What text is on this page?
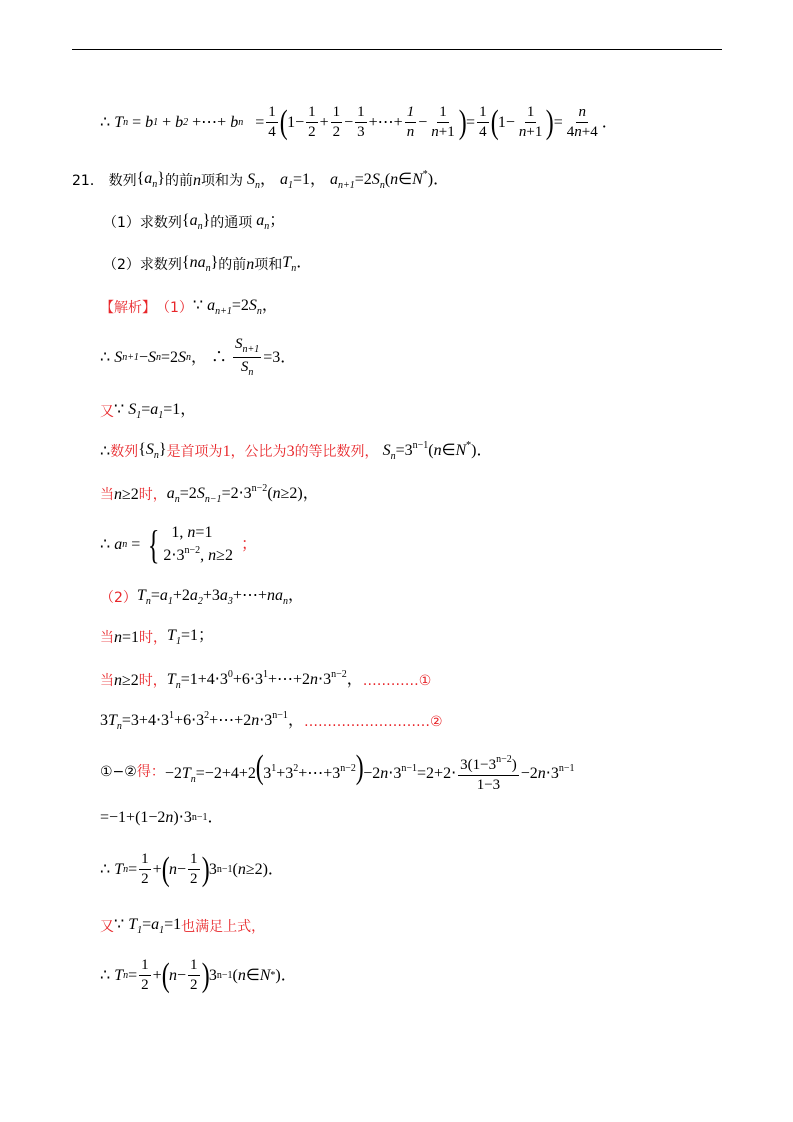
∴
T n = b 1 + b 2 +⋯+ b $n = \frac{1}{4}$ ( $1- \frac{1}{2} + \frac{1}{2} - \frac{1}{3}$ +⋯+ $\frac{1}{n} - \frac{1}{n+1}$ ) = $\frac{1}{4}$ ( $1- \frac{1}{n+1}$ ) = $\frac{n}{4n+4}$ ．
21．
数列 $\{a_n\}$ 的前 n 项和为 $S_n$， $a_1=1$， $a_{n+1}=2S_n(n\in N^*)$．
（1） 求数列 $\{a_n\}$ 的通项 $a_n$；
（2） 求数列 $\{na_n\}$ 的前 n 项和 $T_n$．
【解析】 （1） ∵ $a_{n+1}=2S_n$，
∴ S n+1 − S n =2 S n ， ∴ $\frac{S_{n+1}}{S_n} =3$．
又 ∵ $S_1=a_1=1$，
∴ 数列 $\{S_n\}$ 是首项为 1 ，公比为 3 的等比数列， $S_n=3^{n-1}(n\in N^*)$．
当 n≥2 时， $a_n=2S_{n-1}=2\cdot 3^{n-2}(n\ge 2)$，
∴ a n = { 1, n=1
$2\cdot 3^{n-2}$, n≥2

；
（2） $T_n=a_1+2a_2+3a_3+\cdots+na_n$，
当 n=1 时， $T_1=1$；
当 n≥2 时， $T_n=1+4\cdot 3^0+6\cdot 3^1+\cdots+2n\cdot 3^{n-2}$， …………①
$3T_n=3+4\cdot 3^1+6\cdot 3^2+\cdots+2n\cdot 3^{n-1}$， ………………………②
①−② 得： $-2T_n=-2+4+2(3^1+3^2+\cdots+3^{n-2})-2n\cdot 3^{n-1}=2+2\cdot \frac{3(1-3^{n-2})}{1-3} -2n\cdot 3^{n-1}$
=−1+(1−2 n )⋅3 n−1 ．
∴ T $n = \frac{1}{2}$ + ( $n - \frac{1}{2}$ ) 3 n−1 ( n ≥2)．
又 ∵ $T_1=a_1=1$ 也满足上式，
∴ T $n = \frac{1}{2}$ + ( $n - \frac{1}{2}$ ) 3 n−1 ( n ∈ N * )．
